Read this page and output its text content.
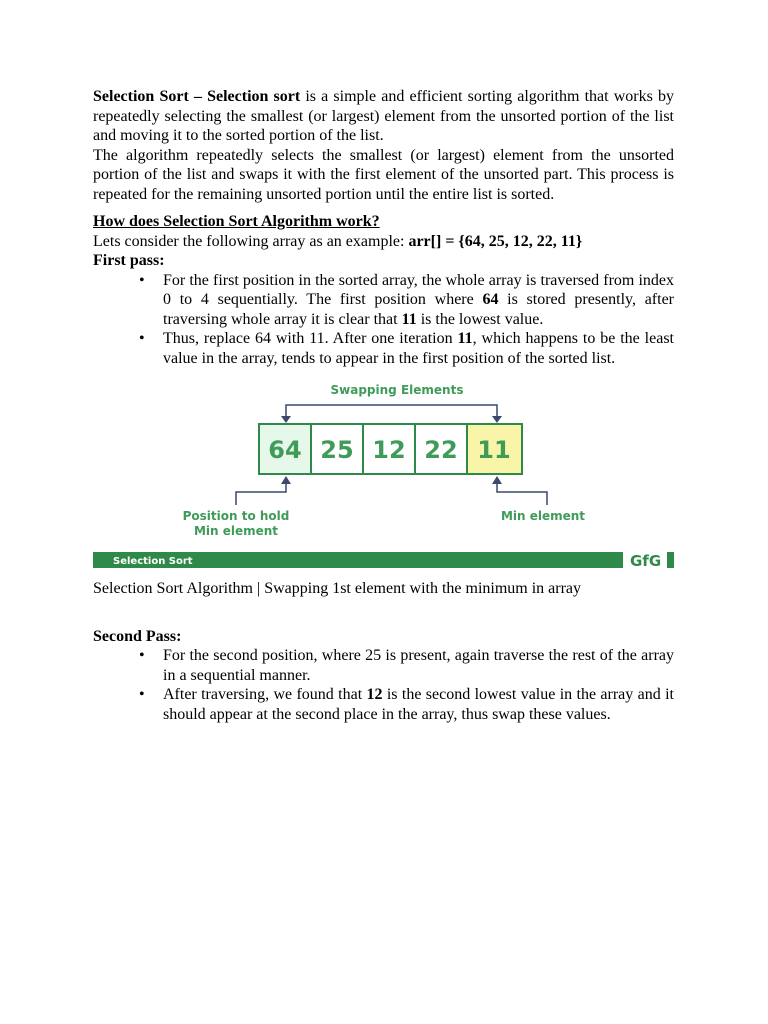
Selection Sort – Selection sort is a simple and efficient sorting algorithm that works by repeatedly selecting the smallest (or largest) element from the unsorted portion of the list and moving it to the sorted portion of the list.

The algorithm repeatedly selects the smallest (or largest) element from the unsorted portion of the list and swaps it with the first element of the unsorted part. This process is repeated for the remaining unsorted portion until the entire list is sorted.

How does Selection Sort Algorithm work?
Lets consider the following array as an example: arr[] = {64, 25, 12, 22, 11}
First pass:
• For the first position in the sorted array, the whole array is traversed from index 0 to 4 sequentially. The first position where 64 is stored presently, after traversing whole array it is clear that 11 is the lowest value.
• Thus, replace 64 with 11. After one iteration 11, which happens to be the least value in the array, tends to appear in the first position of the sorted list.
Swapping Elements
64 25 12 22 11
Position to hold
Min element
Min element
Selection Sort	GfG
Selection Sort Algorithm | Swapping 1st element with the minimum in array
Second Pass:
• For the second position, where 25 is present, again traverse the rest of the array in a sequential manner.
• After traversing, we found that 12 is the second lowest value in the array and it should appear at the second place in the array, thus swap these values.
